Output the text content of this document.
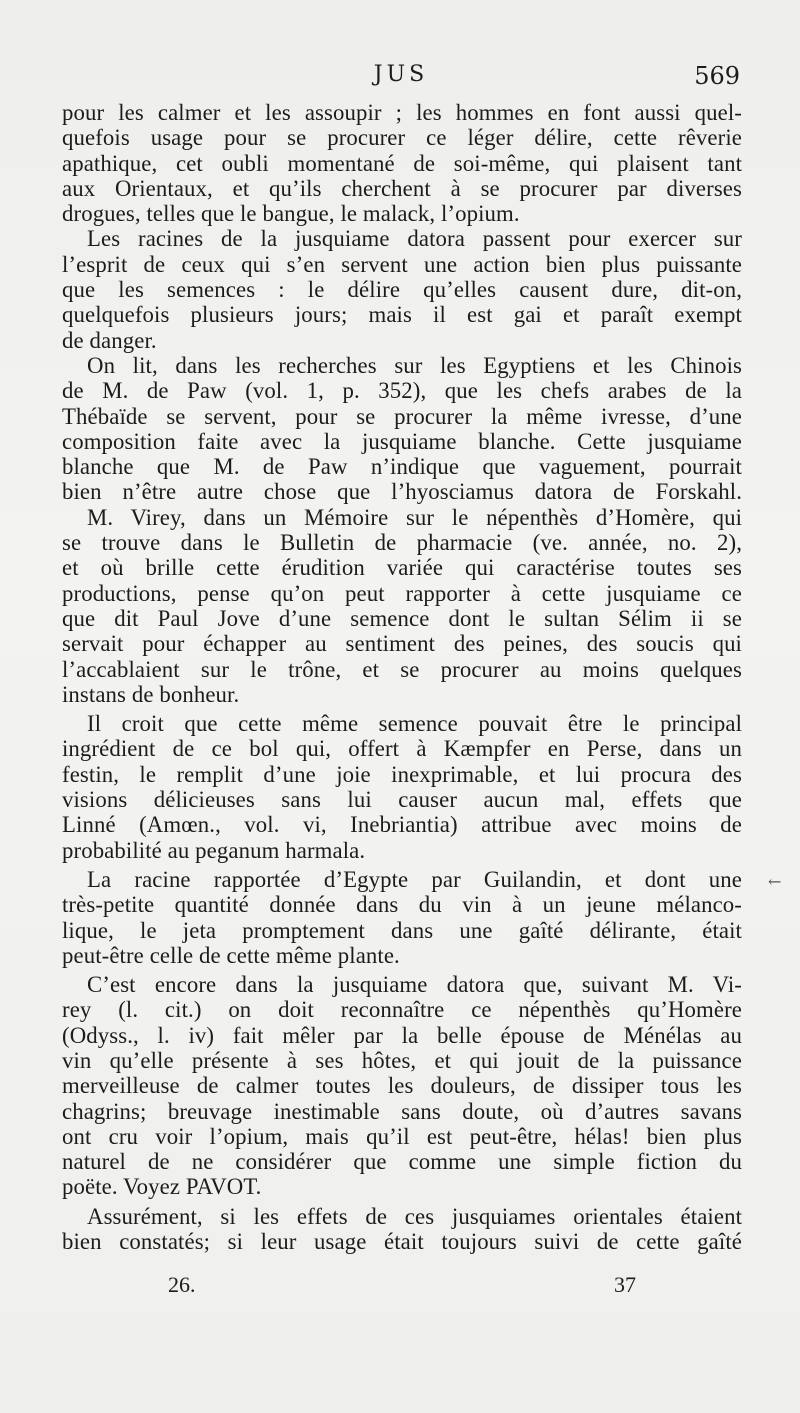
JUS	569
pour les calmer et les assoupir ; les hommes en font aussi quel-
quefois usage pour se procurer ce léger délire, cette rêverie
apathique, cet oubli momentané de soi-même, qui plaisent tant
aux Orientaux, et qu’ils cherchent à se procurer par diverses
drogues, telles que le bangue, le malack, l’opium.
Les racines de la jusquiame datora passent pour exercer sur
l’esprit de ceux qui s’en servent une action bien plus puissante
que les semences : le délire qu’elles causent dure, dit-on,
quelquefois plusieurs jours; mais il est gai et paraît exempt
de danger.
On lit, dans les recherches sur les Egyptiens et les Chinois
de M. de Paw (vol. 1, p. 352), que les chefs arabes de la
Thébaïde se servent, pour se procurer la même ivresse, d’une
composition faite avec la jusquiame blanche. Cette jusquiame
blanche que M. de Paw n’indique que vaguement, pourrait
bien n’être autre chose que l’hyosciamus datora de Forskahl.
M. Virey, dans un Mémoire sur le népenthès d’Homère, qui
se trouve dans le Bulletin de pharmacie (ve. année, no. 2),
et où brille cette érudition variée qui caractérise toutes ses
productions, pense qu’on peut rapporter à cette jusquiame ce
que dit Paul Jove d’une semence dont le sultan Sélim ii se
servait pour échapper au sentiment des peines, des soucis qui
l’accablaient sur le trône, et se procurer au moins quelques
instans de bonheur.
Il croit que cette même semence pouvait être le principal
ingrédient de ce bol qui, offert à Kæmpfer en Perse, dans un
festin, le remplit d’une joie inexprimable, et lui procura des
visions délicieuses sans lui causer aucun mal, effets que
Linné (Amœn., vol. vi, Inebriantia) attribue avec moins de
probabilité au peganum harmala.
La racine rapportée d’Egypte par Guilandin, et dont une
très-petite quantité donnée dans du vin à un jeune mélanco-
lique, le jeta promptement dans une gaîté délirante, était
peut-être celle de cette même plante.
C’est encore dans la jusquiame datora que, suivant M. Vi-
rey (l. cit.) on doit reconnaître ce népenthès qu’Homère
(Odyss., l. iv) fait mêler par la belle épouse de Ménélas au
vin qu’elle présente à ses hôtes, et qui jouit de la puissance
merveilleuse de calmer toutes les douleurs, de dissiper tous les
chagrins; breuvage inestimable sans doute, où d’autres savans
ont cru voir l’opium, mais qu’il est peut-être, hélas! bien plus
naturel de ne considérer que comme une simple fiction du
poëte. Voyez PAVOT.
Assurément, si les effets de ces jusquiames orientales étaient
bien constatés; si leur usage était toujours suivi de cette gaîté
←
26.	37
